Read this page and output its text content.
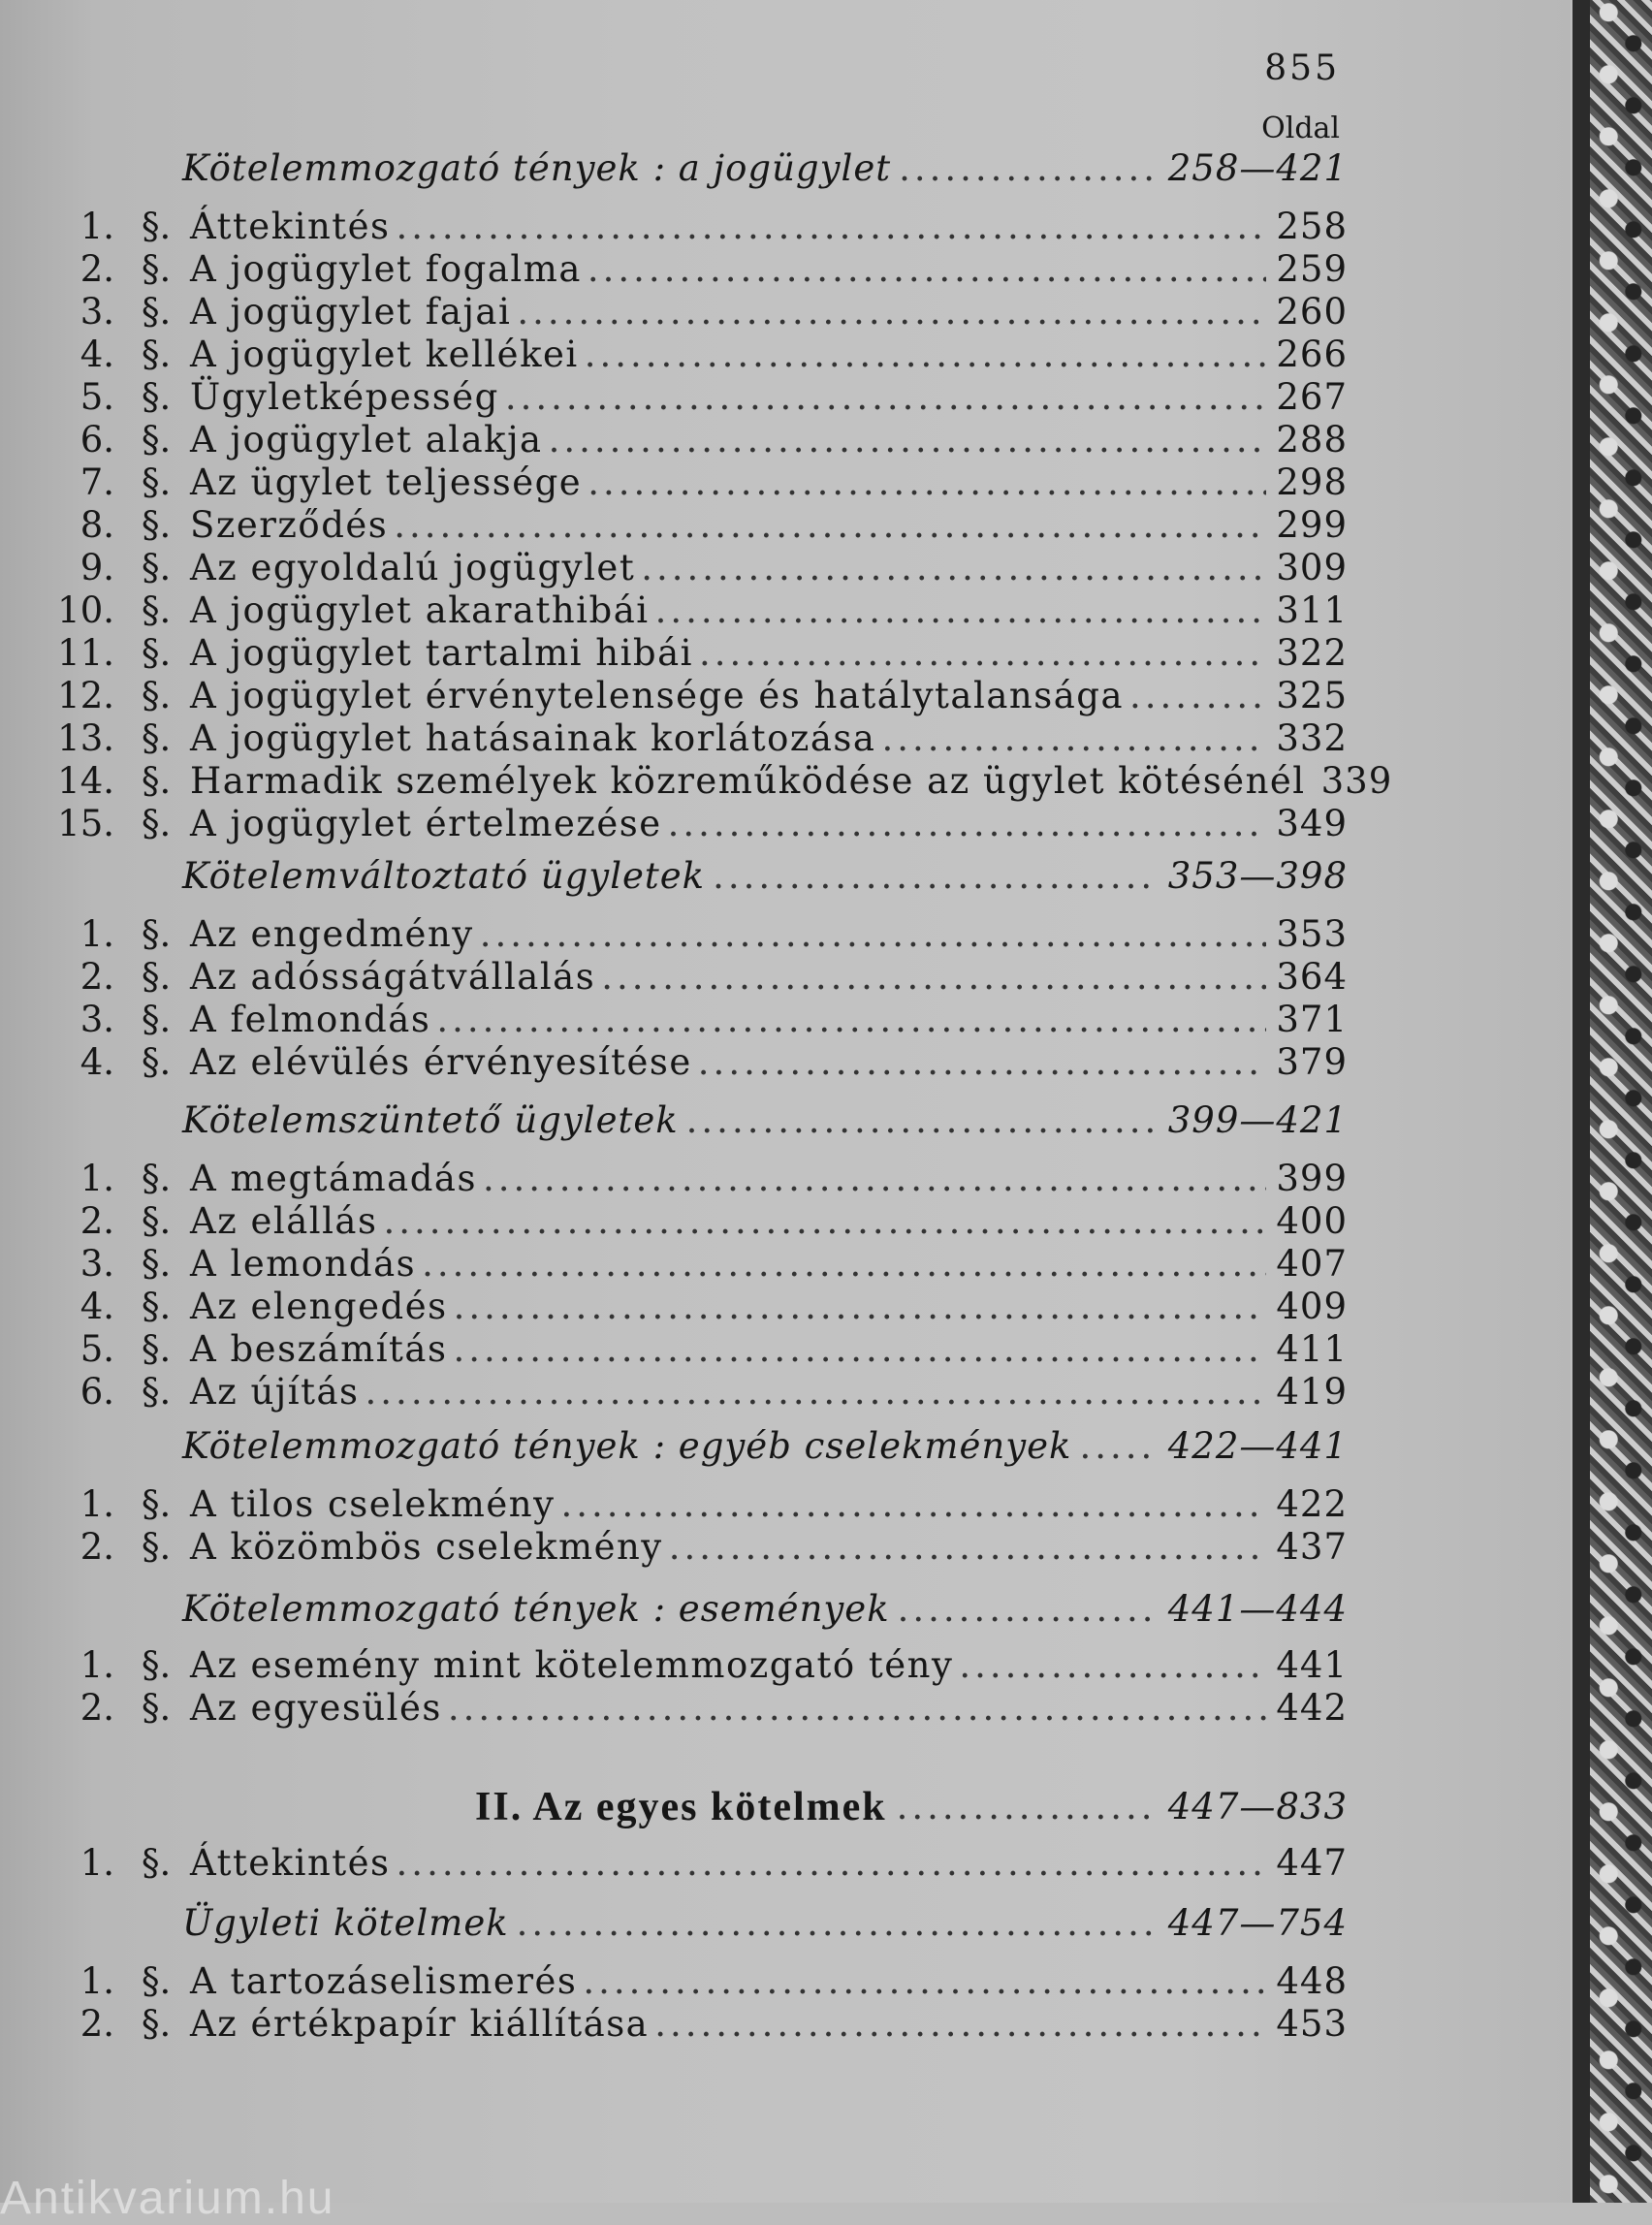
855
Oldal
Kötelemmozgató tények : a jogügylet .....	258—421
1. §. Áttekintés .....	258
2. §. A jogügylet fogalma .....	259
3. §. A jogügylet fajai .....	260
4. §. A jogügylet kellékei .....	266
5. §. Ügyletképesség .....	267
6. §. A jogügylet alakja .....	288
7. §. Az ügylet teljessége .....	298
8. §. Szerződés .....	299
9. §. Az egyoldalú jogügylet .....	309
10. §. A jogügylet akarathibái .....	311
11. §. A jogügylet tartalmi hibái .....	322
12. §. A jogügylet érvénytelensége és hatálytalansága .....	325
13. §. A jogügylet hatásainak korlátozása .....	332
14. §. Harmadik személyek közreműködése az ügylet kötésénél 339
15. §. A jogügylet értelmezése .....	349
Kötelemváltoztató ügyletek .....	353—398
1. §. Az engedmény .....	353
2. §. Az adósságátvállalás .....	364
3. §. A felmondás .....	371
4. §. Az elévülés érvényesítése .....	379
Kötelemszüntető ügyletek .....	399—421
1. §. A megtámadás .....	399
2. §. Az elállás .....	400
3. §. A lemondás .....	407
4. §. Az elengedés .....	409
5. §. A beszámítás .....	411
6. §. Az újítás .....	419
Kötelemmozgató tények : egyéb cselekmények .....	422—441
1. §. A tilos cselekmény .....	422
2. §. A közömbös cselekmény .....	437
Kötelemmozgató tények : események .....	441—444
1. §. Az esemény mint kötelemmozgató tény .....	441
2. §. Az egyesülés .....	442
II. Az egyes kötelmek .....	447—833
1. §. Áttekintés .....	447
Ügyleti kötelmek .....	447—754
1. §. A tartozáselismerés .....	448
2. §. Az értékpapír kiállítása .....	453
Antikvarium.hu
